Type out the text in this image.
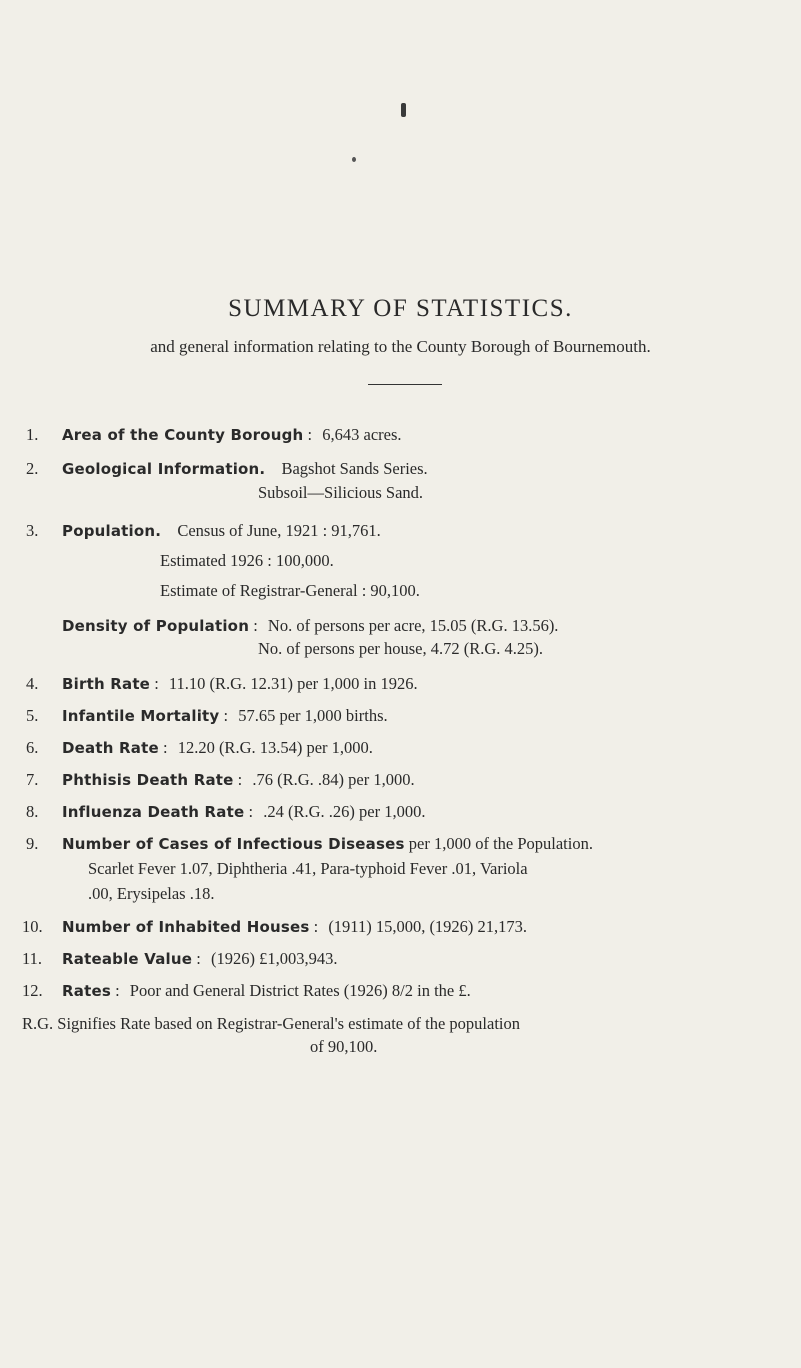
SUMMARY OF STATISTICS.
and general information relating to the County Borough of Bournemouth.
1. Area of the County Borough : 6,643 acres.
2. Geological Information. Bagshot Sands Series.
Subsoil—Silicious Sand.
3. Population. Census of June, 1921 : 91,761.
Estimated 1926 : 100,000.
Estimate of Registrar-General : 90,100.
Density of Population : No. of persons per acre, 15.05 (R.G. 13.56).
No. of persons per house, 4.72 (R.G. 4.25).
4. Birth Rate : 11.10 (R.G. 12.31) per 1,000 in 1926.
5. Infantile Mortality : 57.65 per 1,000 births.
6. Death Rate : 12.20 (R.G. 13.54) per 1,000.
7. Phthisis Death Rate : .76 (R.G. .84) per 1,000.
8. Influenza Death Rate : .24 (R.G. .26) per 1,000.
9. Number of Cases of Infectious Diseases per 1,000 of the Population.
Scarlet Fever 1.07, Diphtheria .41, Para-typhoid Fever .01, Variola
.00, Erysipelas .18.
10. Number of Inhabited Houses : (1911) 15,000, (1926) 21,173.
11. Rateable Value : (1926) £1,003,943.
12. Rates : Poor and General District Rates (1926) 8/2 in the £.
R.G. Signifies Rate based on Registrar-General's estimate of the population
of 90,100.
